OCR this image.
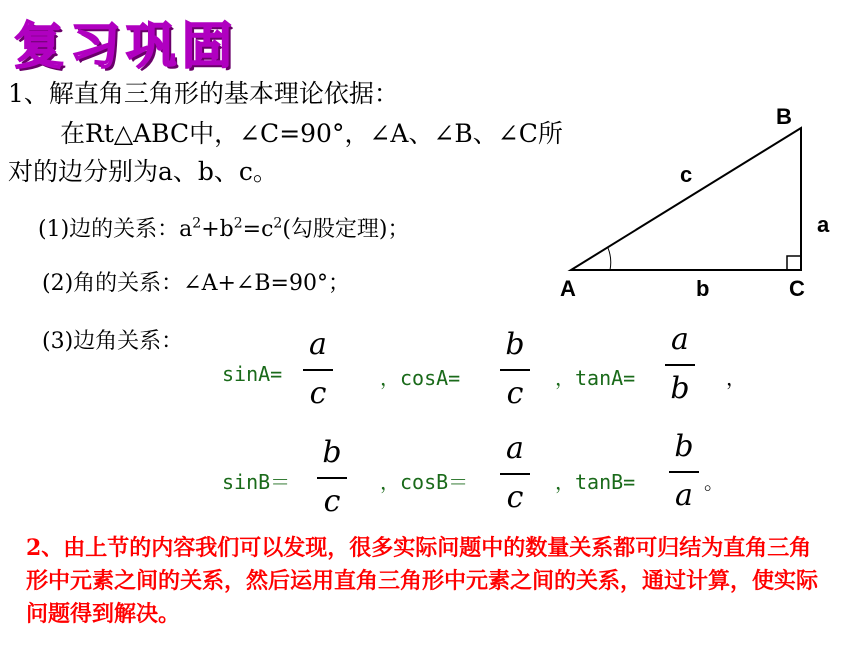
复习巩固
1、解直角三角形的基本理论依据：
在Rt△ABC中，∠C=90°，∠A、∠B、∠C所
对的边分别为a、b、c。
(1)边的关系：$a^2+b^2=c^2$(勾股定理)；
(2)角的关系：∠A+∠B=90°；
(3)边角关系：
sinA=
a
c	，cosA=
b
c ，tanA=
a
b ，
sinB＝
b
c
，cosB＝
a
c ，tanB=
b
a 。
B
c
a
A	b	C
2、由上节的内容我们可以发现，很多实际问题中的数量关系都可归结为直角三角形中元素之间的关系，然后运用直角三角形中元素之间的关系，通过计算，使实际问题得到解决。
